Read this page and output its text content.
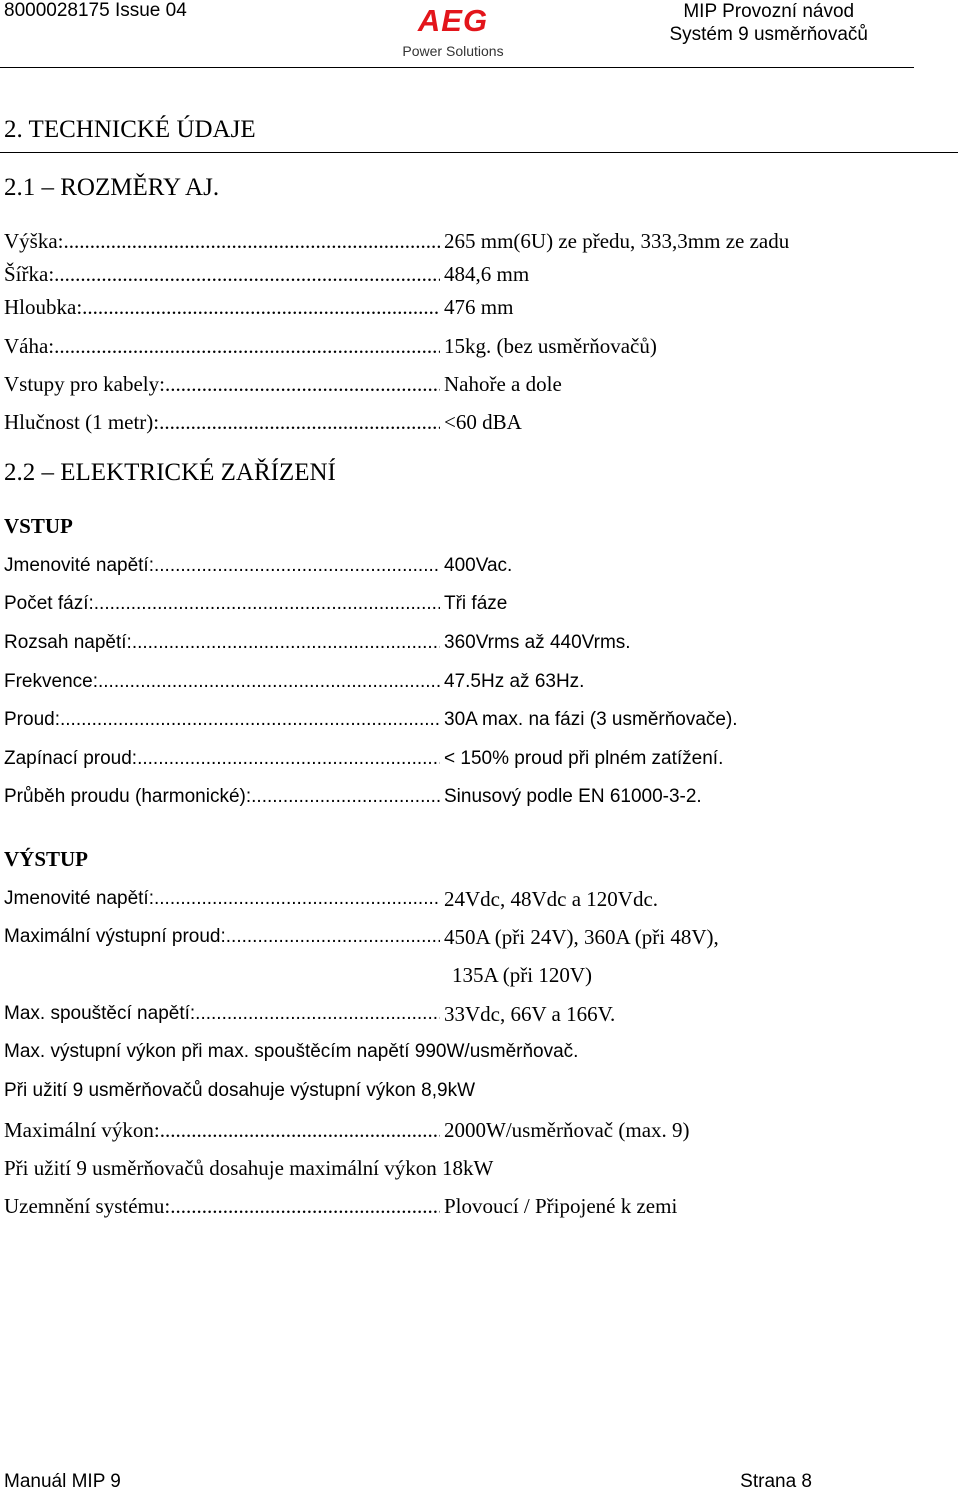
8000028175 Issue 04	AEG
Power Solutions
MIP Provozní návod
Systém 9 usměrňovačů
2. TECHNICKÉ ÚDAJE
2.1 – ROZMĚRY AJ.
Výška: .....	265 mm(6U) ze předu, 333,3mm ze zadu
Šířka: .....	484,6 mm
Hloubka: .....	476 mm
Váha: .....	15kg. (bez usměrňovačů)
Vstupy pro kabely: .....	Nahoře a dole
Hlučnost (1 metr): .....	<60 dBA
2.2 – ELEKTRICKÉ ZAŘÍZENÍ
VSTUP
Jmenovité napětí: .....	400Vac.
Počet fází: .....	Tři fáze
Rozsah napětí: .....	360Vrms až 440Vrms.
Frekvence: .....	47.5Hz až 63Hz.
Proud: .....	30A max. na fázi (3 usměrňovače).
Zapínací proud: .....	< 150% proud při plném zatížení.
Průběh proudu (harmonické): .....	Sinusový podle EN 61000-3-2.
VÝSTUP
Jmenovité napětí: .....	24Vdc, 48Vdc a 120Vdc.
Maximální výstupní proud: .....	450A (při 24V), 360A (při 48V),
135A (při 120V)
Max. spouštěcí napětí: .....	33Vdc, 66V a 166V.
Max. výstupní výkon při max. spouštěcím napětí 990W/usměrňovač.
Při užití 9 usměrňovačů dosahuje výstupní výkon 8,9kW
Maximální výkon: .....	2000W/usměrňovač (max. 9)
Při užití 9 usměrňovačů dosahuje maximální výkon 18kW
Uzemnění systému: .....	Plovoucí / Připojené k zemi
Manuál MIP 9	Strana 8
